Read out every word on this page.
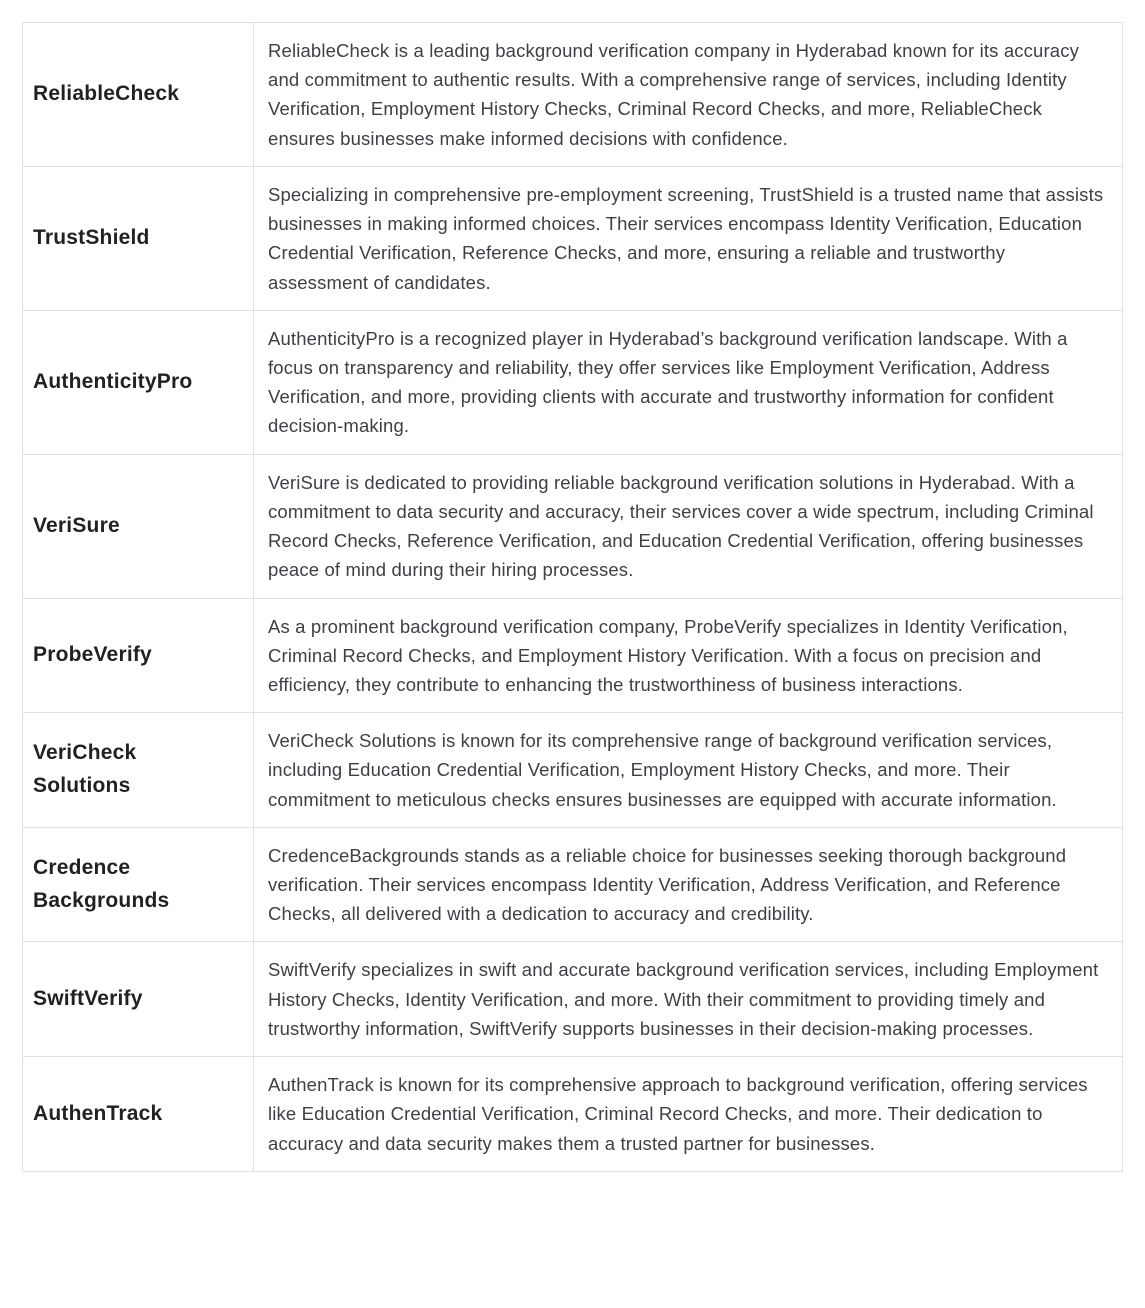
ReliableCheck	ReliableCheck is a leading background verification company in Hyderabad known for its accuracy and commitment to authentic results. With a comprehensive range of services, including Identity Verification, Employment History Checks, Criminal Record Checks, and more, ReliableCheck ensures businesses make informed decisions with confidence.
TrustShield	Specializing in comprehensive pre-employment screening, TrustShield is a trusted name that assists businesses in making informed choices. Their services encompass Identity Verification, Education Credential Verification, Reference Checks, and more, ensuring a reliable and trustworthy assessment of candidates.
AuthenticityPro	AuthenticityPro is a recognized player in Hyderabad’s background verification landscape. With a focus on transparency and reliability, they offer services like Employment Verification, Address Verification, and more, providing clients with accurate and trustworthy information for confident decision-making.
VeriSure	VeriSure is dedicated to providing reliable background verification solutions in Hyderabad. With a commitment to data security and accuracy, their services cover a wide spectrum, including Criminal Record Checks, Reference Verification, and Education Credential Verification, offering businesses peace of mind during their hiring processes.
ProbeVerify	As a prominent background verification company, ProbeVerify specializes in Identity Verification, Criminal Record Checks, and Employment History Verification. With a focus on precision and efficiency, they contribute to enhancing the trustworthiness of business interactions.
VeriCheck Solutions	VeriCheck Solutions is known for its comprehensive range of background verification services, including Education Credential Verification, Employment History Checks, and more. Their commitment to meticulous checks ensures businesses are equipped with accurate information.
Credence Backgrounds	CredenceBackgrounds stands as a reliable choice for businesses seeking thorough background verification. Their services encompass Identity Verification, Address Verification, and Reference Checks, all delivered with a dedication to accuracy and credibility.
SwiftVerify	SwiftVerify specializes in swift and accurate background verification services, including Employment History Checks, Identity Verification, and more. With their commitment to providing timely and trustworthy information, SwiftVerify supports businesses in their decision-making processes.
AuthenTrack	AuthenTrack is known for its comprehensive approach to background verification, offering services like Education Credential Verification, Criminal Record Checks, and more. Their dedication to accuracy and data security makes them a trusted partner for businesses.
